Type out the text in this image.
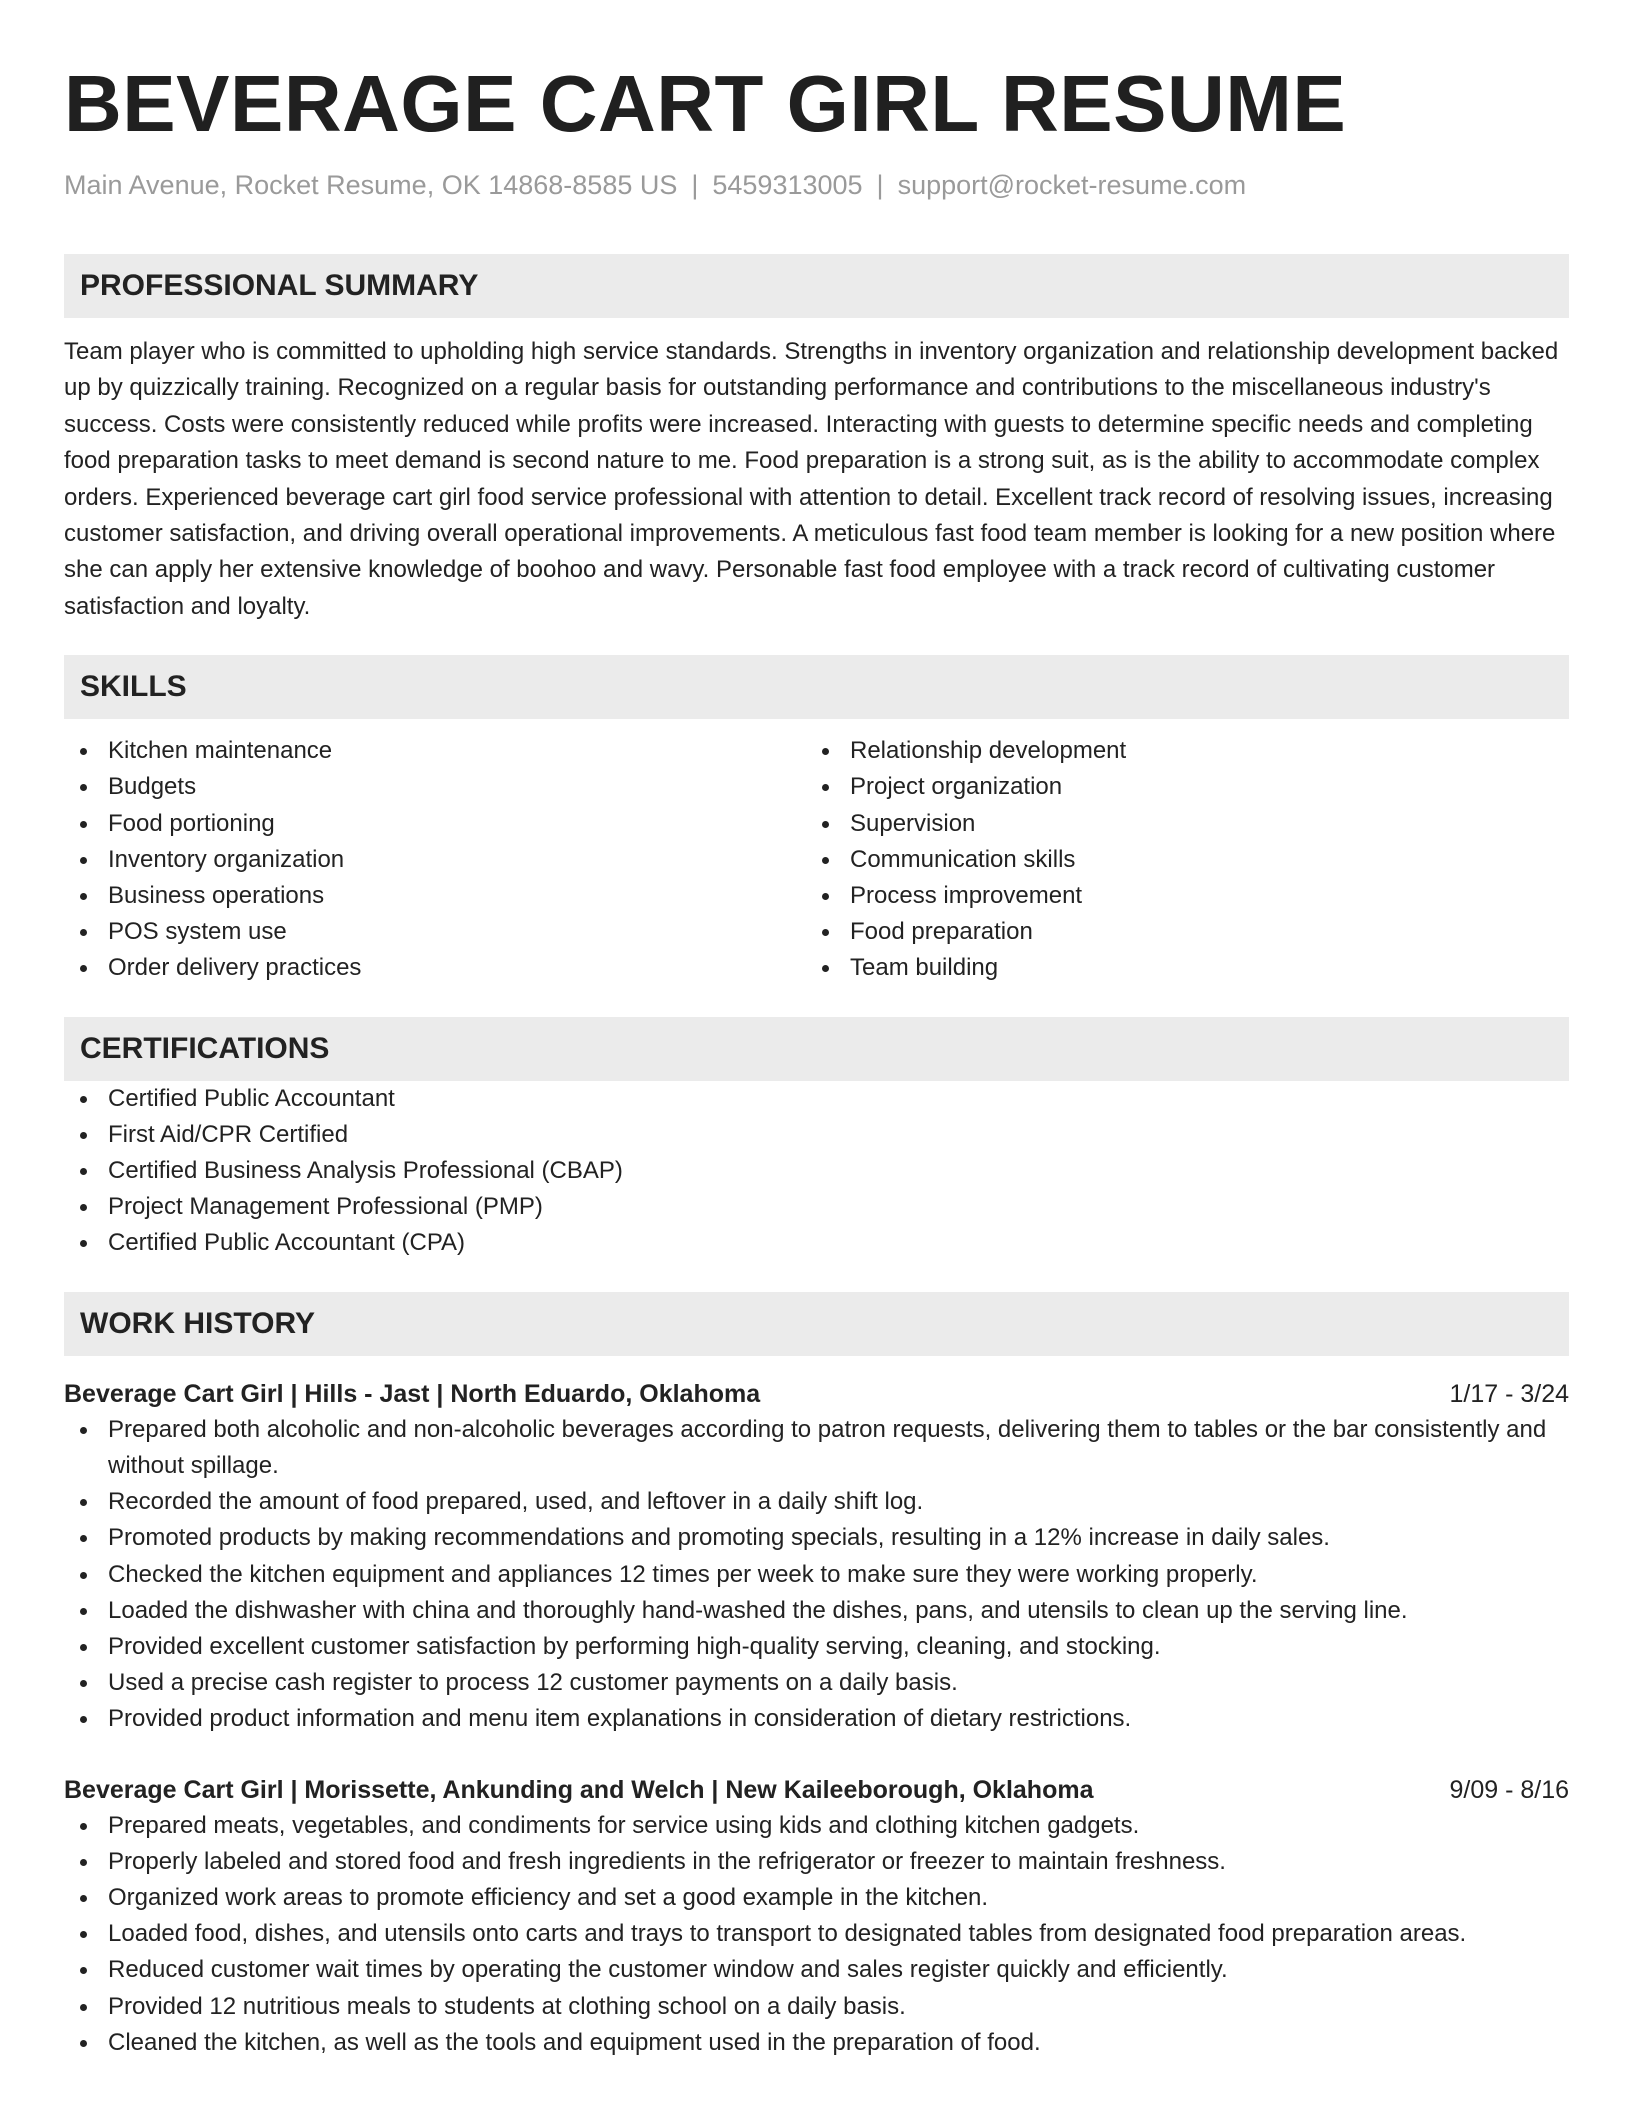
BEVERAGE CART GIRL RESUME
Main Avenue, Rocket Resume, OK 14868-8585 US | 5459313005 | support@rocket-resume.com
PROFESSIONAL SUMMARY
Team player who is committed to upholding high service standards. Strengths in inventory organization and relationship development backed up by quizzically training. Recognized on a regular basis for outstanding performance and contributions to the miscellaneous industry's success. Costs were consistently reduced while profits were increased. Interacting with guests to determine specific needs and completing food preparation tasks to meet demand is second nature to me. Food preparation is a strong suit, as is the ability to accommodate complex orders. Experienced beverage cart girl food service professional with attention to detail. Excellent track record of resolving issues, increasing customer satisfaction, and driving overall operational improvements. A meticulous fast food team member is looking for a new position where she can apply her extensive knowledge of boohoo and wavy. Personable fast food employee with a track record of cultivating customer satisfaction and loyalty.
SKILLS
Kitchen maintenance
Budgets
Food portioning
Inventory organization
Business operations
POS system use
Order delivery practices
Relationship development
Project organization
Supervision
Communication skills
Process improvement
Food preparation
Team building
CERTIFICATIONS
Certified Public Accountant
First Aid/CPR Certified
Certified Business Analysis Professional (CBAP)
Project Management Professional (PMP)
Certified Public Accountant (CPA)
WORK HISTORY
Beverage Cart Girl | Hills - Jast | North Eduardo, Oklahoma	1/17 - 3/24
Prepared both alcoholic and non-alcoholic beverages according to patron requests, delivering them to tables or the bar consistently and without spillage.
Recorded the amount of food prepared, used, and leftover in a daily shift log.
Promoted products by making recommendations and promoting specials, resulting in a 12% increase in daily sales.
Checked the kitchen equipment and appliances 12 times per week to make sure they were working properly.
Loaded the dishwasher with china and thoroughly hand-washed the dishes, pans, and utensils to clean up the serving line.
Provided excellent customer satisfaction by performing high-quality serving, cleaning, and stocking.
Used a precise cash register to process 12 customer payments on a daily basis.
Provided product information and menu item explanations in consideration of dietary restrictions.
Beverage Cart Girl | Morissette, Ankunding and Welch | New Kaileeborough, Oklahoma	9/09 - 8/16
Prepared meats, vegetables, and condiments for service using kids and clothing kitchen gadgets.
Properly labeled and stored food and fresh ingredients in the refrigerator or freezer to maintain freshness.
Organized work areas to promote efficiency and set a good example in the kitchen.
Loaded food, dishes, and utensils onto carts and trays to transport to designated tables from designated food preparation areas.
Reduced customer wait times by operating the customer window and sales register quickly and efficiently.
Provided 12 nutritious meals to students at clothing school on a daily basis.
Cleaned the kitchen, as well as the tools and equipment used in the preparation of food.
